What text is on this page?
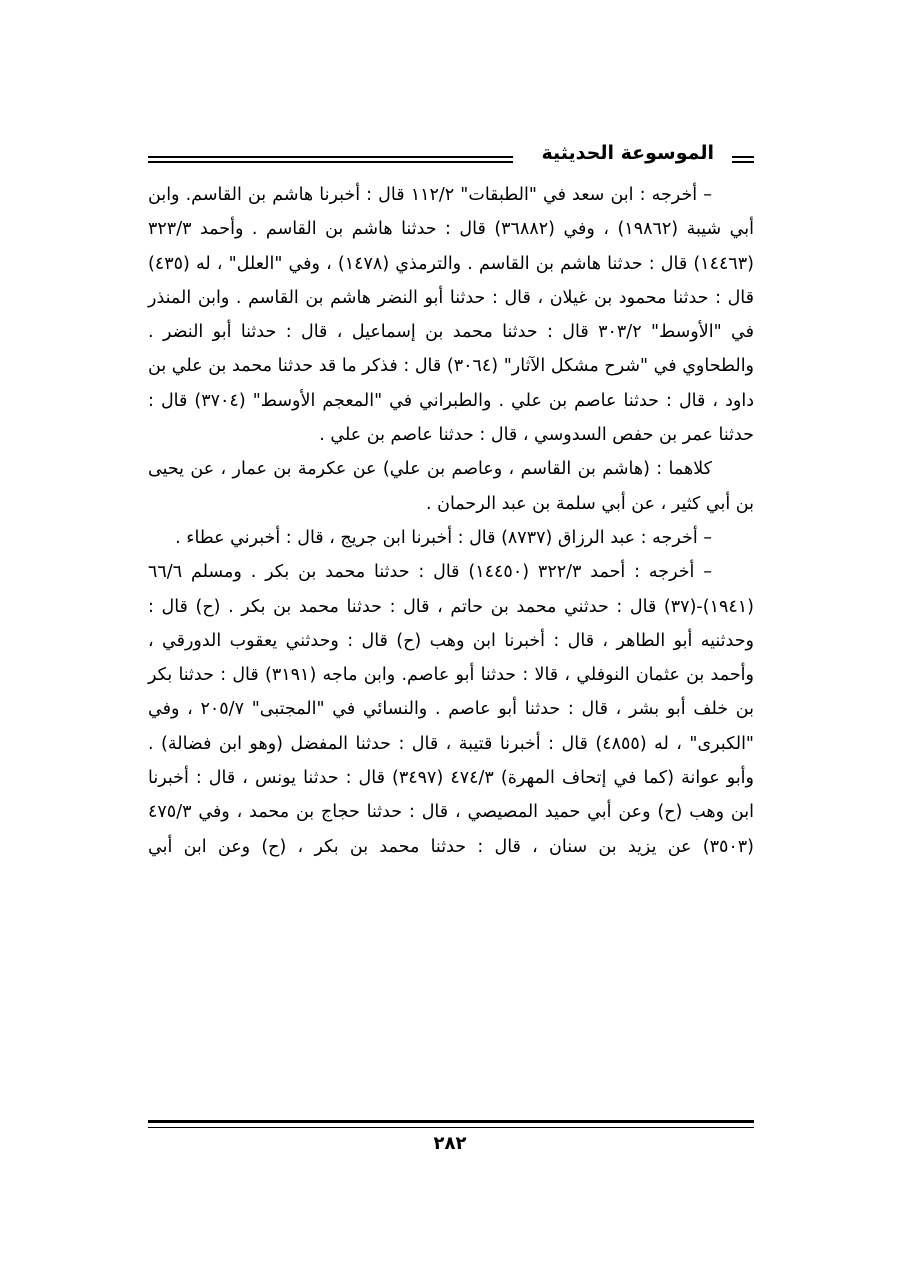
الموسوعة الحديثية

– أخرجه : ابن سعد في "الطبقات" ١١٢/٢ قال : أخبرنا هاشم بن القاسم. وابن أبي شيبة (١٩٨٦٢) ، وفي (٣٦٨٨٢) قال : حدثنا هاشم بن القاسم . وأحمد ٣٢٣/٣ (١٤٤٦٣) قال : حدثنا هاشم بن القاسم . والترمذي (١٤٧٨) ، وفي "العلل" ، له (٤٣٥) قال : حدثنا محمود بن غيلان ، قال : حدثنا أبو النضر هاشم بن القاسم . وابن المنذر في "الأوسط" ٣٠٣/٢ قال : حدثنا محمد بن إسماعيل ، قال : حدثنا أبو النضر . والطحاوي في "شرح مشكل الآثار" (٣٠٦٤) قال : فذكر ما قد حدثنا محمد بن علي بن داود ، قال : حدثنا عاصم بن علي . والطبراني في "المعجم الأوسط" (٣٧٠٤) قال : حدثنا عمر بن حفص السدوسي ، قال : حدثنا عاصم بن علي .

كلاهما : (هاشم بن القاسم ، وعاصم بن علي) عن عكرمة بن عمار ، عن يحيى بن أبي كثير ، عن أبي سلمة بن عبد الرحمان .

– أخرجه : عبد الرزاق (٨٧٣٧) قال : أخبرنا ابن جريج ، قال : أخبرني عطاء .

– أخرجه : أحمد ٣٢٢/٣ (١٤٤٥٠) قال : حدثنا محمد بن بكر . ومسلم ٦٦/٦ (١٩٤١)-(٣٧) قال : حدثني محمد بن حاتم ، قال : حدثنا محمد بن بكر . (ح) قال : وحدثنيه أبو الطاهر ، قال : أخبرنا ابن وهب (ح) قال : وحدثني يعقوب الدورقي ، وأحمد بن عثمان النوفلي ، قالا : حدثنا أبو عاصم. وابن ماجه (٣١٩١) قال : حدثنا بكر بن خلف أبو بشر ، قال : حدثنا أبو عاصم . والنسائي في "المجتبى" ٢٠٥/٧ ، وفي "الكبرى" ، له (٤٨٥٥) قال : أخبرنا قتيبة ، قال : حدثنا المفضل (وهو ابن فضالة) . وأبو عوانة (كما في إتحاف المهرة) ٤٧٤/٣ (٣٤٩٧) قال : حدثنا يونس ، قال : أخبرنا ابن وهب (ح) وعن أبي حميد المصيصي ، قال : حدثنا حجاج بن محمد ، وفي ٤٧٥/٣ (٣٥٠٣) عن يزيد بن سنان ، قال : حدثنا محمد بن بكر ، (ح) وعن ابن أبي

٢٨٢
